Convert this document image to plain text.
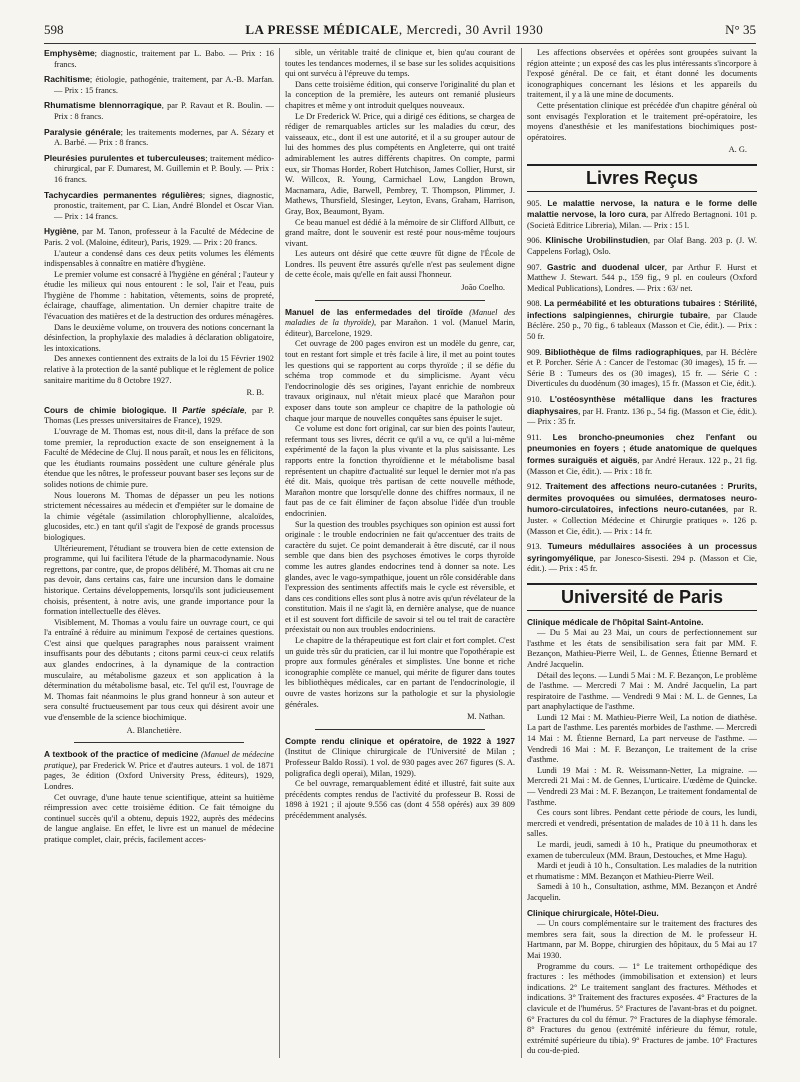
598	LA PRESSE MÉDICALE, Mercredi, 30 Avril 1930	N° 35

Emphysème; diagnostic, traitement par L. Babo. — Prix : 16 francs.

Rachitisme; étiologie, pathogénie, traitement, par A.-B. Marfan. — Prix : 15 francs.

Rhumatisme blennorragique, par P. Ravaut et R. Boulin. — Prix : 8 francs.

Paralysie générale; les traitements modernes, par A. Sézary et A. Barbé. — Prix : 8 francs.

Pleurésies purulentes et tuberculeuses; traitement médico-chirurgical, par F. Dumarest, M. Guillemin et P. Bouly. — Prix : 16 francs.

Tachycardies permanentes régulières; signes, diagnostic, pronostic, traitement, par C. Lian, André Blondel et Oscar Vian. — Prix : 14 francs.

Hygiène, par M. Tanon, professeur à la Faculté de Médecine de Paris. 2 vol. (Maloine, éditeur), Paris, 1929. — Prix : 20 francs.

L'auteur a condensé dans ces deux petits volumes les éléments indispensables à connaître en matière d'hygiène.

Le premier volume est consacré à l'hygiène en général ; l'auteur y étudie les milieux qui nous entourent : le sol, l'air et l'eau, puis l'hygiène de l'homme : habitation, vêtements, soins de propreté, éclairage, chauffage, alimentation. Un dernier chapitre traite de l'évacuation des matières et de la destruction des ordures ménagères.

Dans le deuxième volume, on trouvera des notions concernant la désinfection, la prophylaxie des maladies à déclaration obligatoire, les intoxications.

Des annexes contiennent des extraits de la loi du 15 Février 1902 relative à la protection de la santé publique et le règlement de police sanitaire maritime du 8 Octobre 1927.

R. B.

Cours de chimie biologique. II Partie spéciale, par P. Thomas (Les presses universitaires de France), 1929.

L'ouvrage de M. Thomas est, nous dit-il, dans la préface de son tome premier, la reproduction exacte de son enseignement à la Faculté de Médecine de Cluj. Il nous paraît, et nous les en félicitons, que les étudiants roumains possèdent une culture générale plus étendue que les nôtres, le professeur pouvant baser ses leçons sur de solides notions de chimie pure.

Nous louerons M. Thomas de dépasser un peu les notions strictement nécessaires au médecin et d'empiéter sur le domaine de la chimie végétale (assimilation chlorophyllienne, alcaloïdes, glucosides, etc.) en tant qu'il s'agit de l'exposé de grands processus biologiques.

Ultérieurement, l'étudiant se trouvera bien de cette extension de programme, qui lui facilitera l'étude de la pharmacodynamie. Nous regrettons, par contre, que, de propos délibéré, M. Thomas ait cru ne pas devoir, dans certains cas, faire une incursion dans le domaine historique. Certains développements, lorsqu'ils sont judicieusement choisis, présentent, à notre avis, une grande importance pour la formation intellectuelle des élèves.

Visiblement, M. Thomas a voulu faire un ouvrage court, ce qui l'a entraîné à réduire au minimum l'exposé de certaines questions. C'est ainsi que quelques paragraphes nous paraissent vraiment insuffisants pour des débutants ; citons parmi ceux-ci ceux relatifs aux glandes endocrines, à la dynamique de la contraction musculaire, au métabolisme gazeux et son application à la détermination du métabolisme basal, etc. Tel qu'il est, l'ouvrage de M. Thomas fait néanmoins le plus grand honneur à son auteur et sera consulté fructueusement par tous ceux qui désirent avoir une vue d'ensemble de la science biochimique.

A. Blanchetière.

A textbook of the practice of medicine (Manuel de médecine pratique), par Frederick W. Price et d'autres auteurs. 1 vol. de 1871 pages, 3e édition (Oxford University Press, éditeurs), 1929, Londres.

Cet ouvrage, d'une haute tenue scientifique, atteint sa huitième réimpression avec cette troisième édition. Ce fait témoigne du continuel succès qu'il a obtenu, depuis 1922, auprès des médecins de langue anglaise. En effet, le livre est un manuel de médecine pratique complet, clair, précis, facilement acces-

sible, un véritable traité de clinique et, bien qu'au courant de toutes les tendances modernes, il se base sur les solides acquisitions qui ont survécu à l'épreuve du temps.

Dans cette troisième édition, qui conserve l'originalité du plan et la conception de la première, les auteurs ont remanié plusieurs chapitres et même y ont introduit quelques nouveaux.

Le Dr Frederick W. Price, qui a dirigé ces éditions, se chargea de rédiger de remarquables articles sur les maladies du cœur, des vaisseaux, etc., dont il est une autorité, et il a su grouper autour de lui des hommes des plus compétents en Angleterre, qui ont traité admirablement les autres différents chapitres. On compte, parmi eux, sir Thomas Horder, Robert Hutchison, James Collier, Hurst, sir W. Willcox, R. Young, Carmichael Low, Langdon Brown, Macnamara, Adie, Barwell, Pembrey, T. Thompson, Plimmer, J. Mathews, Thursfield, Slesinger, Leyton, Evans, Graham, Harrison, Gray, Box, Beaumont, Byam.

Ce beau manuel est dédié à la mémoire de sir Clifford Allbutt, ce grand maître, dont le souvenir est resté pour nous-même toujours vivant.

Les auteurs ont désiré que cette œuvre fût digne de l'École de Londres. Ils peuvent être assurés qu'elle n'est pas seulement digne de cette école, mais qu'elle en fait aussi l'honneur.

João Coelho.

Manuel de las enfermedades del tiroïde (Manuel des maladies de la thyroïde), par Marañon. 1 vol. (Manuel Marin, éditeur), Barcelone, 1929.

Cet ouvrage de 200 pages environ est un modèle du genre, car, tout en restant fort simple et très facile à lire, il met au point toutes les questions qui se rapportent au corps thyroïde ; il se défie du schéma trop commode et du simplicisme. Ayant vécu l'endocrinologie dès ses origines, l'ayant enrichie de nombreux travaux originaux, nul n'était mieux placé que Marañon pour exposer dans toute son ampleur ce chapitre de la pathologie où chaque jour marque de nouvelles conquêtes sans épuiser le sujet.

Ce volume est donc fort original, car sur bien des points l'auteur, refermant tous ses livres, décrit ce qu'il a vu, ce qu'il a lui-même expérimenté de la façon la plus vivante et la plus saisissante. Les rapports entre la fonction thyroïdienne et le métabolisme basal représentent un chapitre d'actualité sur lequel le dernier mot n'a pas été dit. Mais, quoique très partisan de cette nouvelle méthode, Marañon montre que lorsqu'elle donne des chiffres normaux, il ne faut pas de ce fait éliminer de façon absolue l'idée d'un trouble endocrinien.

Sur la question des troubles psychiques son opinion est aussi fort originale : le trouble endocrinien ne fait qu'accentuer des traits de caractère du sujet. Ce point demanderait à être discuté, car il nous semble que dans bien des psychoses émotives le corps thyroïde comme les autres glandes endocrines tend à donner sa note. Les glandes, avec le vago-sympathique, jouent un rôle considérable dans l'expression des sentiments affectifs mais le cycle est réversible, et dans ces conditions elles sont plus à notre avis qu'un révélateur de la constitution. Mais il ne s'agit là, en dernière analyse, que de nuance et il est souvent fort difficile de savoir si tel ou tel trait de caractère préexistait ou non aux troubles endocriniens.

Le chapitre de la thérapeutique est fort clair et fort complet. C'est un guide très sûr du praticien, car il lui montre que l'opothérapie est propre aux formules générales et simplistes. Une bonne et riche iconographie complète ce manuel, qui mérite de figurer dans toutes les bibliothèques médicales, car en partant de l'endocrinologie, il ouvre de vastes horizons sur la pathologie et sur la physiologie générales.

M. Nathan.

Compte rendu clinique et opératoire, de 1922 à 1927 (Institut de Clinique chirurgicale de l'Université de Milan ; Professeur Baldo Rossi). 1 vol. de 930 pages avec 267 figures (S. A. poligrafica degli operai), Milan, 1929).

Ce bel ouvrage, remarquablement édité et illustré, fait suite aux précédents comptes rendus de l'activité du professeur B. Rossi de 1898 à 1921 ; il ajoute 9.556 cas (dont 4 558 opérés) aux 39 809 précédemment analysés.

Les affections observées et opérées sont groupées suivant la région atteinte ; un exposé des cas les plus intéressants s'incorpore à l'exposé général. De ce fait, et étant donné les documents iconographiques concernant les lésions et les appareils du traitement, il y a là une mine de documents.

Cette présentation clinique est précédée d'un chapitre général où sont envisagés l'exploration et le traitement pré-opératoire, les moyens d'anesthésie et les manifestations biochimiques post-opératoires.

A. G.

Livres Reçus

905. Le malattie nervose, la natura e le forme delle malattie nervose, la loro cura, par Alfredo Bertagnoni. 101 p. (Società Editrice Libreria), Milan. — Prix : 15 l.

906. Klinische Urobilinstudien, par Olaf Bang. 203 p. (J. W. Cappelens Forlag), Oslo.

907. Gastric and duodenal ulcer, par Arthur F. Hurst et Matthew J. Stewart. 544 p., 159 fig., 9 pl. en couleurs (Oxford Medical Publications), Londres. — Prix : 63/ net.

908. La perméabilité et les obturations tubaires : Stérilité, infections salpingiennes, chirurgie tubaire, par Claude Béclère. 250 p., 70 fig., 6 tableaux (Masson et Cie, édit.). — Prix : 50 fr.

909. Bibliothèque de films radiographiques, par H. Béclère et P. Porcher. Série A : Cancer de l'estomac (30 images), 15 fr. — Série B : Tumeurs des os (30 images), 15 fr. — Série C : Diverticules du duodénum (30 images), 15 fr. (Masson et Cie, édit.).

910. L'ostéosynthèse métallique dans les fractures diaphysaires, par H. Frantz. 136 p., 54 fig. (Masson et Cie, édit.). — Prix : 35 fr.

911. Les broncho-pneumonies chez l'enfant ou pneumonies en foyers ; étude anatomique de quelques formes suraiguës et aiguës, par André Heraux. 122 p., 21 fig. (Masson et Cie, édit.). — Prix : 18 fr.

912. Traitement des affections neuro-cutanées : Prurits, dermites provoquées ou simulées, dermatoses neuro-humoro-circulatoires, infections neuro-cutanées, par R. Juster. « Collection Médecine et Chirurgie pratiques ». 126 p. (Masson et Cie, édit.). — Prix : 14 fr.

913. Tumeurs médullaires associées à un processus syringomyélique, par Jonesco-Sisesti. 294 p. (Masson et Cie, édit.). — Prix : 45 fr.

Université de Paris

Clinique médicale de l'hôpital Saint-Antoine.

— Du 5 Mai au 23 Mai, un cours de perfectionnement sur l'asthme et les états de sensibilisation sera fait par MM. F. Bezançon, Mathieu-Pierre Weil, L. de Gennes, Étienne Bernard et André Jacquelin.

Détail des leçons. — Lundi 5 Mai : M. F. Bezançon, Le problème de l'asthme. — Mercredi 7 Mai : M. André Jacquelin, La part respiratoire de l'asthme. — Vendredi 9 Mai : M. L. de Gennes, La part anaphylactique de l'asthme.

Lundi 12 Mai : M. Mathieu-Pierre Weil, La notion de diathèse. La part de l'asthme. Les parentés morbides de l'asthme. — Mercredi 14 Mai : M. Étienne Bernard, La part nerveuse de l'asthme. — Vendredi 16 Mai : M. F. Bezançon, Le traitement de la crise d'asthme.

Lundi 19 Mai : M. R. Weissmann-Netter, La migraine. — Mercredi 21 Mai : M. de Gennes, L'urticaire. L'œdème de Quincke. — Vendredi 23 Mai : M. F. Bezançon, Le traitement fondamental de l'asthme.

Ces cours sont libres. Pendant cette période de cours, les lundi, mercredi et vendredi, présentation de malades de 10 à 11 h. dans les salles.

Le mardi, jeudi, samedi à 10 h., Pratique du pneumothorax et examen de tuberculeux (MM. Braun, Destouches, et Mme Hagu).

Mardi et jeudi à 10 h., Consultation. Les maladies de la nutrition et rhumatisme : MM. Bezançon et Mathieu-Pierre Weil.

Samedi à 10 h., Consultation, asthme, MM. Bezançon et André Jacquelin.

Clinique chirurgicale, Hôtel-Dieu.

— Un cours complémentaire sur le traitement des fractures des membres sera fait, sous la direction de M. le professeur H. Hartmann, par M. Boppe, chirurgien des hôpitaux, du 5 Mai au 17 Mai 1930.

Programme du cours. — 1° Le traitement orthopédique des fractures : les méthodes (immobilisation et extension) et leurs indications. 2° Le traitement sanglant des fractures. Méthodes et indications. 3° Traitement des fractures exposées. 4° Fractures de la clavicule et de l'humérus. 5° Fractures de l'avant-bras et du poignet. 6° Fractures du col du fémur. 7° Fractures de la diaphyse fémorale. 8° Fractures du genou (extrémité inférieure du fémur, rotule, extrémité supérieure du tibia). 9° Fractures de jambe. 10° Fractures du cou-de-pied.
